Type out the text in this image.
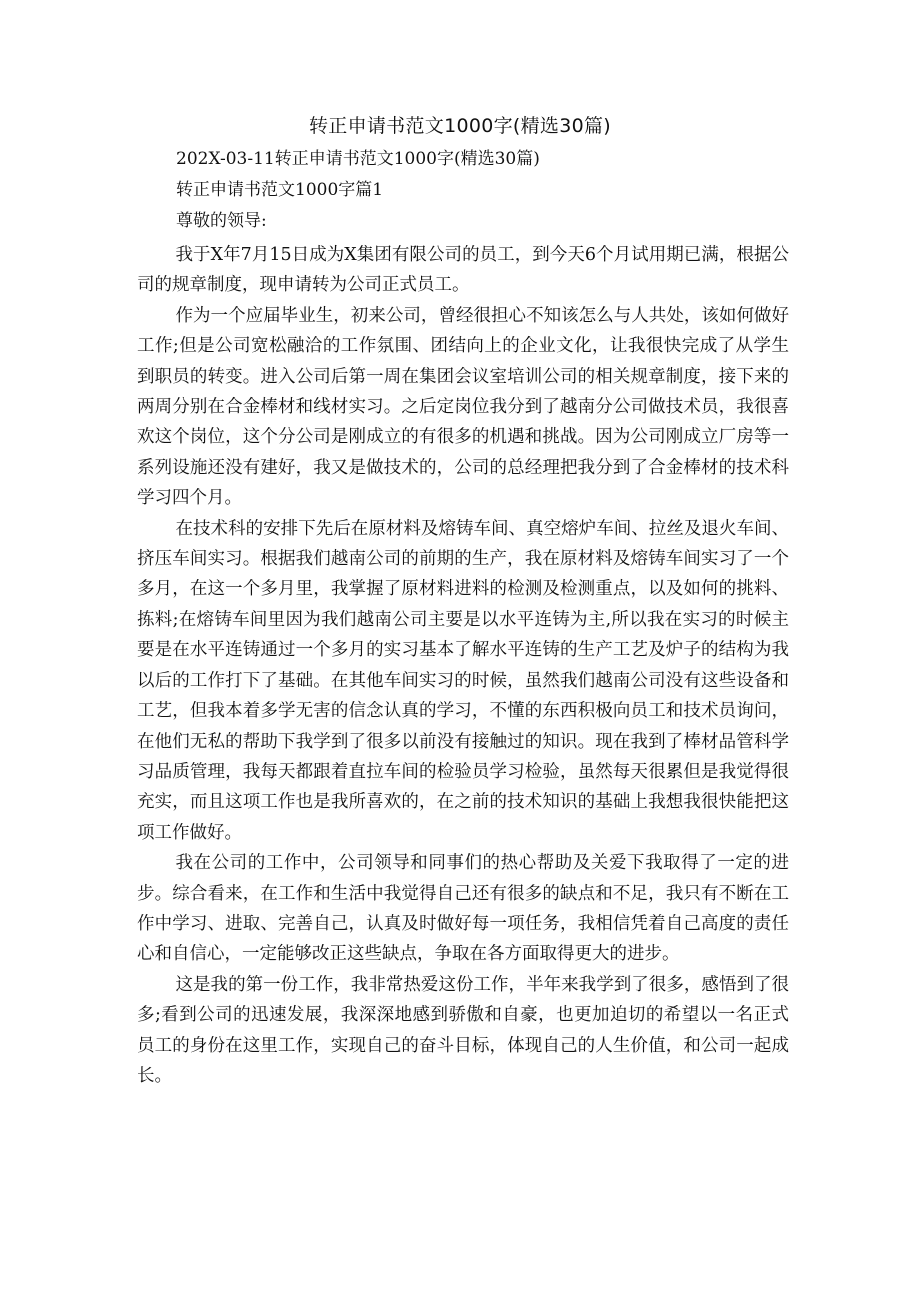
转正申请书范文1000字(精选30篇)
202X-03-11转正申请书范文1000字(精选30篇)
转正申请书范文1000字篇1
尊敬的领导:

我于X年7月15日成为X集团有限公司的员工，到今天6个月试用期已满，根据公司的规章制度，现申请转为公司正式员工。

作为一个应届毕业生，初来公司，曾经很担心不知该怎么与人共处，该如何做好工作;但是公司宽松融洽的工作氛围、团结向上的企业文化，让我很快完成了从学生到职员的转变。进入公司后第一周在集团会议室培训公司的相关规章制度，接下来的两周分别在合金棒材和线材实习。之后定岗位我分到了越南分公司做技术员，我很喜欢这个岗位，这个分公司是刚成立的有很多的机遇和挑战。因为公司刚成立厂房等一系列设施还没有建好，我又是做技术的，公司的总经理把我分到了合金棒材的技术科学习四个月。

在技术科的安排下先后在原材料及熔铸车间、真空熔炉车间、拉丝及退火车间、挤压车间实习。根据我们越南公司的前期的生产，我在原材料及熔铸车间实习了一个多月，在这一个多月里，我掌握了原材料进料的检测及检测重点，以及如何的挑料、拣料;在熔铸车间里因为我们越南公司主要是以水平连铸为主,所以我在实习的时候主要是在水平连铸通过一个多月的实习基本了解水平连铸的生产工艺及炉子的结构为我以后的工作打下了基础。在其他车间实习的时候，虽然我们越南公司没有这些设备和工艺，但我本着多学无害的信念认真的学习，不懂的东西积极向员工和技术员询问，在他们无私的帮助下我学到了很多以前没有接触过的知识。现在我到了棒材品管科学习品质管理，我每天都跟着直拉车间的检验员学习检验，虽然每天很累但是我觉得很充实，而且这项工作也是我所喜欢的，在之前的技术知识的基础上我想我很快能把这项工作做好。

我在公司的工作中，公司领导和同事们的热心帮助及关爱下我取得了一定的进步。综合看来，在工作和生活中我觉得自己还有很多的缺点和不足，我只有不断在工作中学习、进取、完善自己，认真及时做好每一项任务，我相信凭着自己高度的责任心和自信心，一定能够改正这些缺点，争取在各方面取得更大的进步。

这是我的第一份工作，我非常热爱这份工作，半年来我学到了很多，感悟到了很多;看到公司的迅速发展，我深深地感到骄傲和自豪，也更加迫切的希望以一名正式员工的身份在这里工作，实现自己的奋斗目标，体现自己的人生价值，和公司一起成长。
